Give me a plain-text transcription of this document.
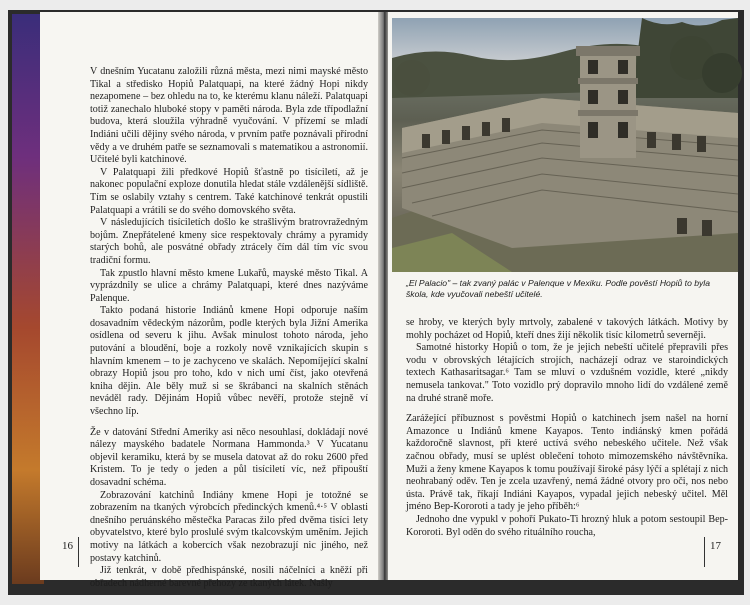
V dnešním Yucatanu založili různá města, mezi nimi mayské město Tikal a středisko Hopiů Palatquapi, na které žádný Hopi nikdy nezapomene – bez ohledu na to, ke kterému klanu náleží. Palatquapi totiž zanechalo hluboké stopy v paměti národa. Byla zde třípodlažní budova, která sloužila výhradně vyučování. V přízemí se mladí Indiáni učili dějiny svého národa, v prvním patře poznávali přírodní vědy a ve druhém patře se seznamovali s matematikou a astronomií. Učitelé byli katchinové.

V Palatquapi žili předkové Hopiů šťastně po tisíciletí, až je nakonec populační exploze donutila hledat stále vzdálenější sídliště. Tím se oslabily vztahy s centrem. Také katchinové tenkrát opustili Palatquapi a vrátili se do svého domovského světa.

V následujících tisíciletích došlo ke strašlivým bratrovražedným bojům. Znepřátelené kmeny sice respektovaly chrámy a pyramidy starých bohů, ale posvátné obřady ztrácely čím dál tím víc svou tradiční formu.

Tak zpustlo hlavní město kmene Lukařů, mayské město Tikal. A vyprázdnily se ulice a chrámy Palatquapi, které dnes nazýváme Palenque.

Takto podaná historie Indiánů kmene Hopi odporuje naším dosavadním vědeckým názorům, podle kterých byla Jižní Amerika osídlena od severu k jihu. Avšak minulost tohoto národa, jeho putování a bloudění, boje a rozkoly nově vznikajících skupin s hlavním kmenem – to je zachyceno ve skalách. Nepomíjející skalní obrazy Hopiů jsou pro toho, kdo v nich umí číst, jako otevřená kniha dějin. Ale běly muž si se škrábanci na skalních stěnách neváděl rady. Dějinám Hopiů vůbec nevěří, protože stejně ví všechno líp.

Že v datování Střední Ameriky asi něco nesouhlasí, dokládají nové nálezy mayského badatele Normana Hammonda.³ V Yucatanu objevil keramiku, která by se musela datovat až do roku 2600 před Kristem. To je tedy o jeden a půl tisíciletí víc, než připouští dosavadní schéma.

Zobrazování katchinů Indiány kmene Hopi je totožné se zobrazením na tkaných výrobcích předinckých kmenů.⁴·⁵ V oblasti dnešního peruánského městečka Paracas žilo před dvěma tisíci lety obyvatelstvo, které bylo proslulé svým tkalcovským uměním. Jejich motivy na látkách a kobercích však nezobrazují nic jiného, než postavy katchinů.

Již tenkrát, v době předhispánské, nosili náčelníci a kněží při obřadech nádherné barevné přehozy ze tkaných látek. Našly

16
„El Palacio" – tak zvaný palác v Palenque v Mexiku. Podle pověstí Hopiů to byla škola, kde vyučovali nebeští učitelé.

se hroby, ve kterých byly mrtvoly, zabalené v takových látkách. Motivy by mohly pocházet od Hopiů, kteří dnes žijí několik tisíc kilometrů severněji.

Samotné historky Hopiů o tom, že je jejich nebeští učitelé přepravili přes vodu v obrovských létajících strojích, nacházejí odraz ve staroindických textech Kathasaritsagar.⁶ Tam se mluví o vzdušném vozidle, které „nikdy nemusela tankovat." Toto vozidlo prý dopravilo mnoho lidí do vzdálené země na druhé straně moře.

Zarážející příbuznost s pověstmi Hopiů o katchinech jsem našel na horní Amazonce u Indiánů kmene Kayapos. Tento indiánský kmen pořádá každoročně slavnost, při které uctívá svého nebeského učitele. Než však začnou obřady, musí se uplést oblečení tohoto mimozemského návštěvníka. Muži a ženy kmene Kayapos k tomu používají široké pásy lýčí a splétají z nich neohrabaný oděv. Ten je zcela uzavřený, nemá žádné otvory pro oči, nos nebo ústa. Právě tak, říkají Indiáni Kayapos, vypadal jejich nebeský učitel. Měl jméno Bep-Kororoti a tady je jeho příběh:⁶

Jednoho dne vypukl v pohoří Pukato-Ti hrozný hluk a potom sestoupil Bep-Kororoti. Byl oděn do svého rituálního roucha,

17
